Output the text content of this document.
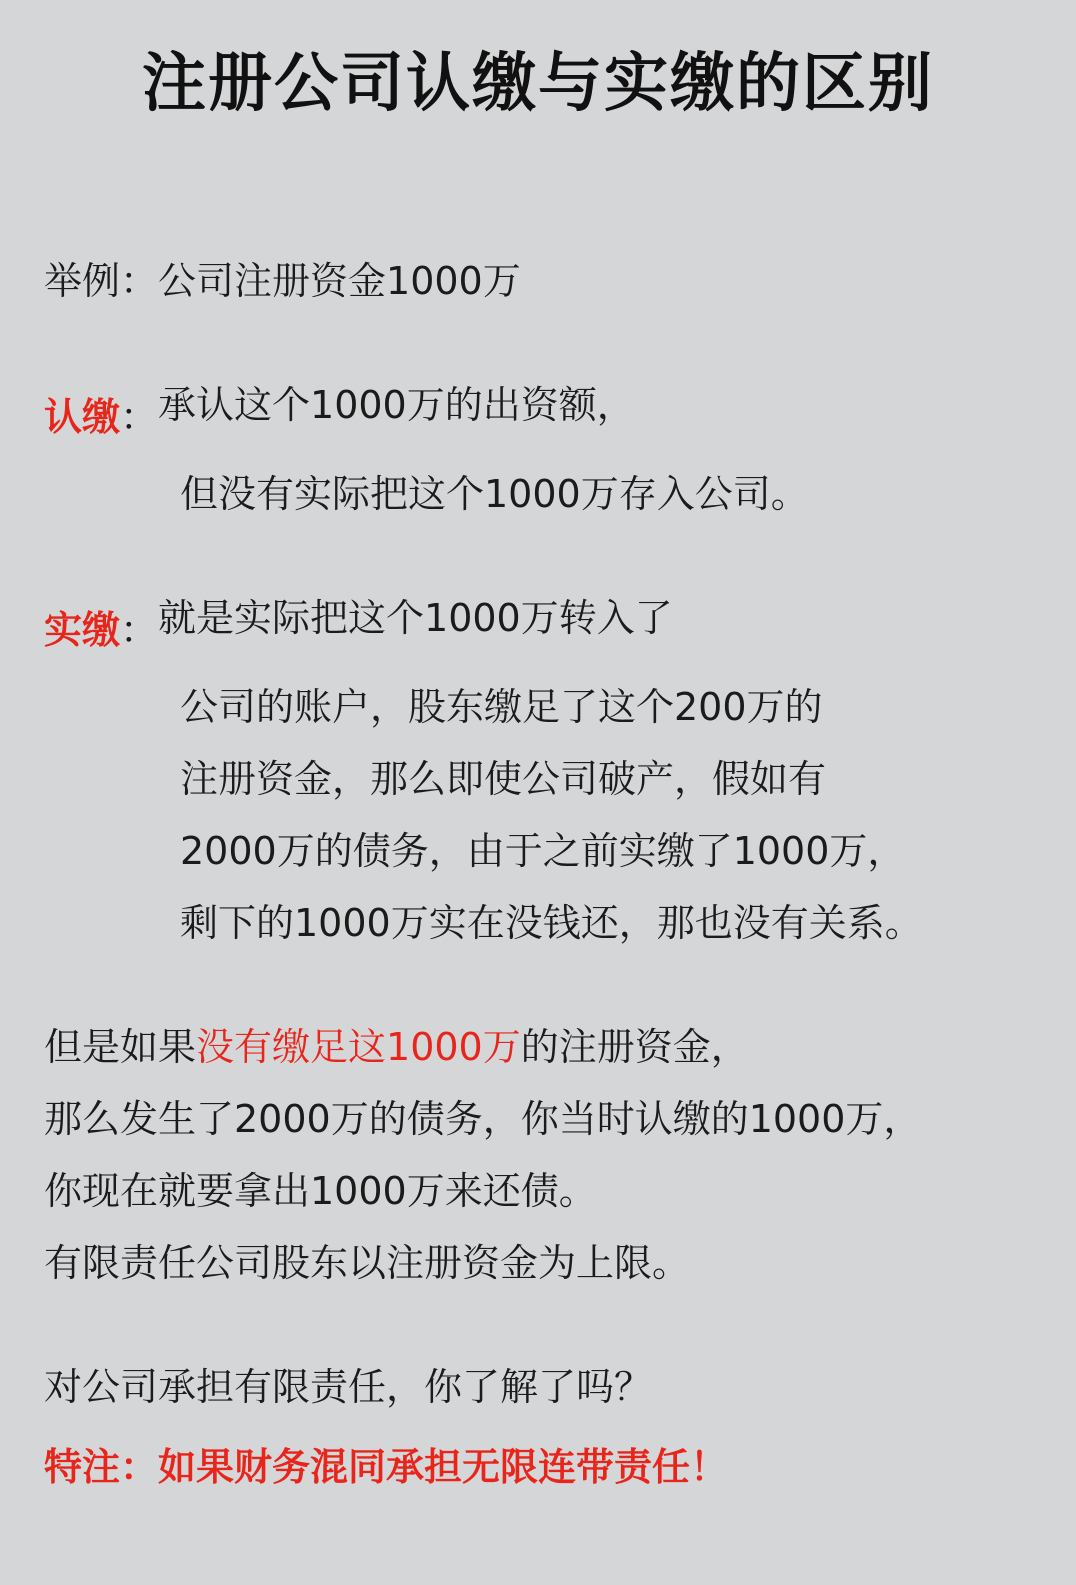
注册公司认缴与实缴的区别
举例 ： 公司注册资金1000万
认缴 ： 承认这个1000万的出资额，
但没有实际把这个1000万存入公司。
实缴 ： 就是实际把这个1000万转入了
公司的账户，股东缴足了这个200万的
注册资金，那么即使公司破产，假如有
2000万的债务，由于之前实缴了1000万，
剩下的1000万实在没钱还，那也没有关系。
但是如果没有缴足这1000万的注册资金，
那么发生了2000万的债务，你当时认缴的1000万，
你现在就要拿出1000万来还债。
有限责任公司股东以注册资金为上限。
对公司承担有限责任，你了解了吗？
特注 ： 如果财务混同承担无限连带责任！
